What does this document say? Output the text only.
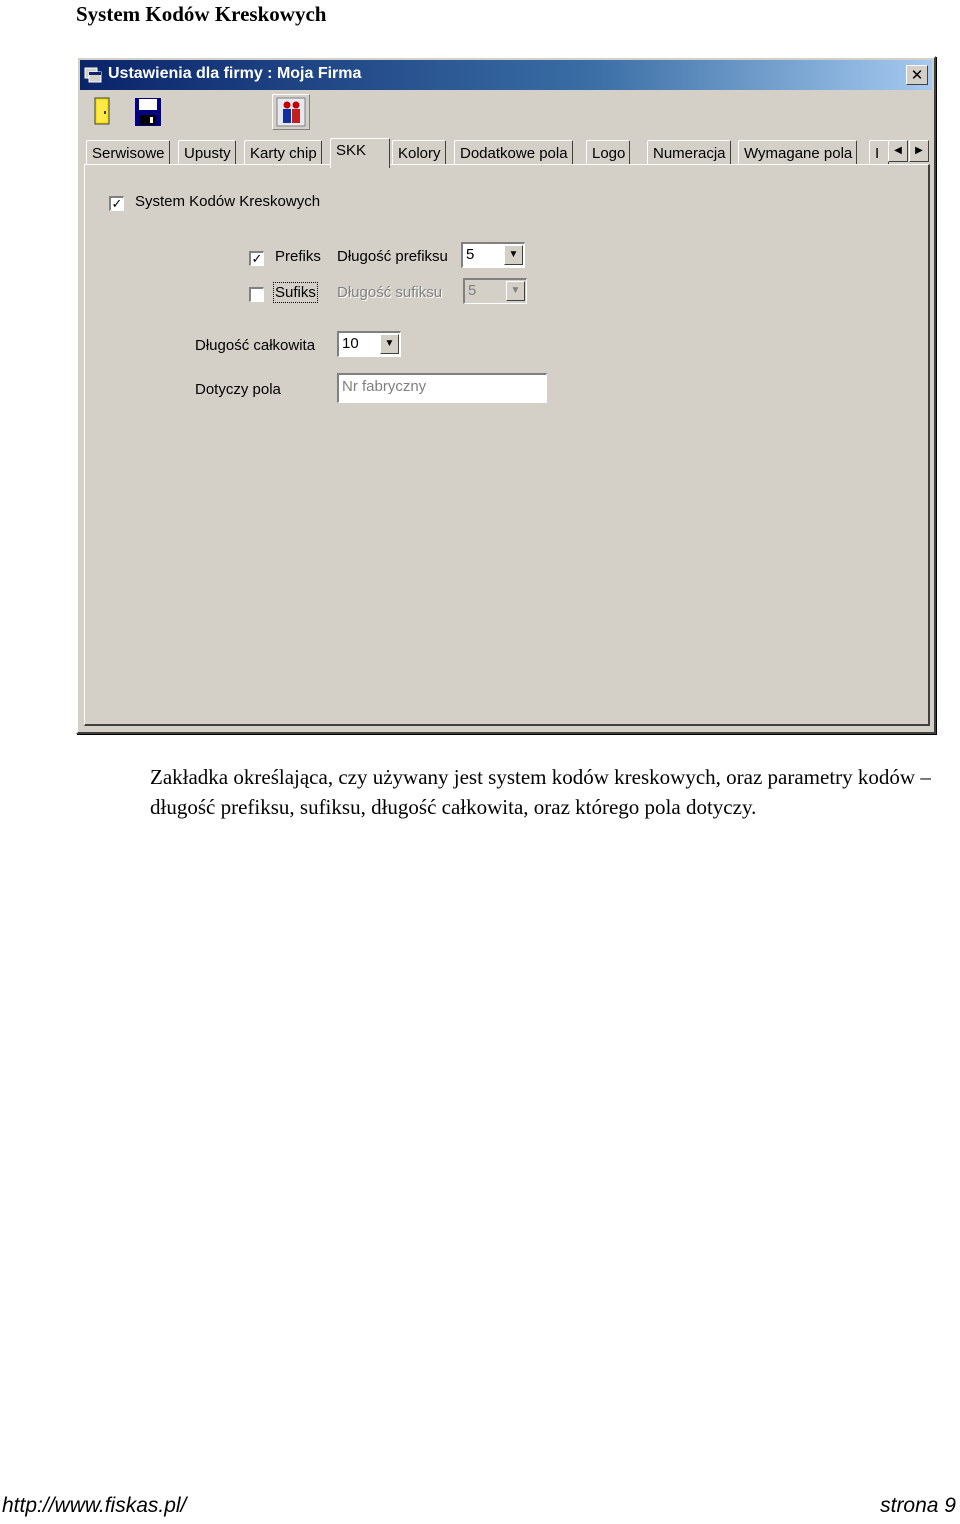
System Kodów Kreskowych
Ustawienia dla firmy : Moja Firma	✕
Serwisowe	Upusty	Karty chip	SKK	Kolory	Dodatkowe pola	Logo	Numeracja	Wymagane pola	I	◀	▶
✓ System Kodów Kreskowych
✓ Prefiks Długość prefiksu 5	▼
Sufiks Długość sufiksu 5	▼
Długość całkowita 10	▼
Dotyczy pola	Nr fabryczny
Zakładka określająca, czy używany jest system kodów kreskowych, oraz parametry kodów – długość prefiksu, sufiksu, długość całkowita, oraz którego pola dotyczy.
http://www.fiskas.pl/	strona 9
